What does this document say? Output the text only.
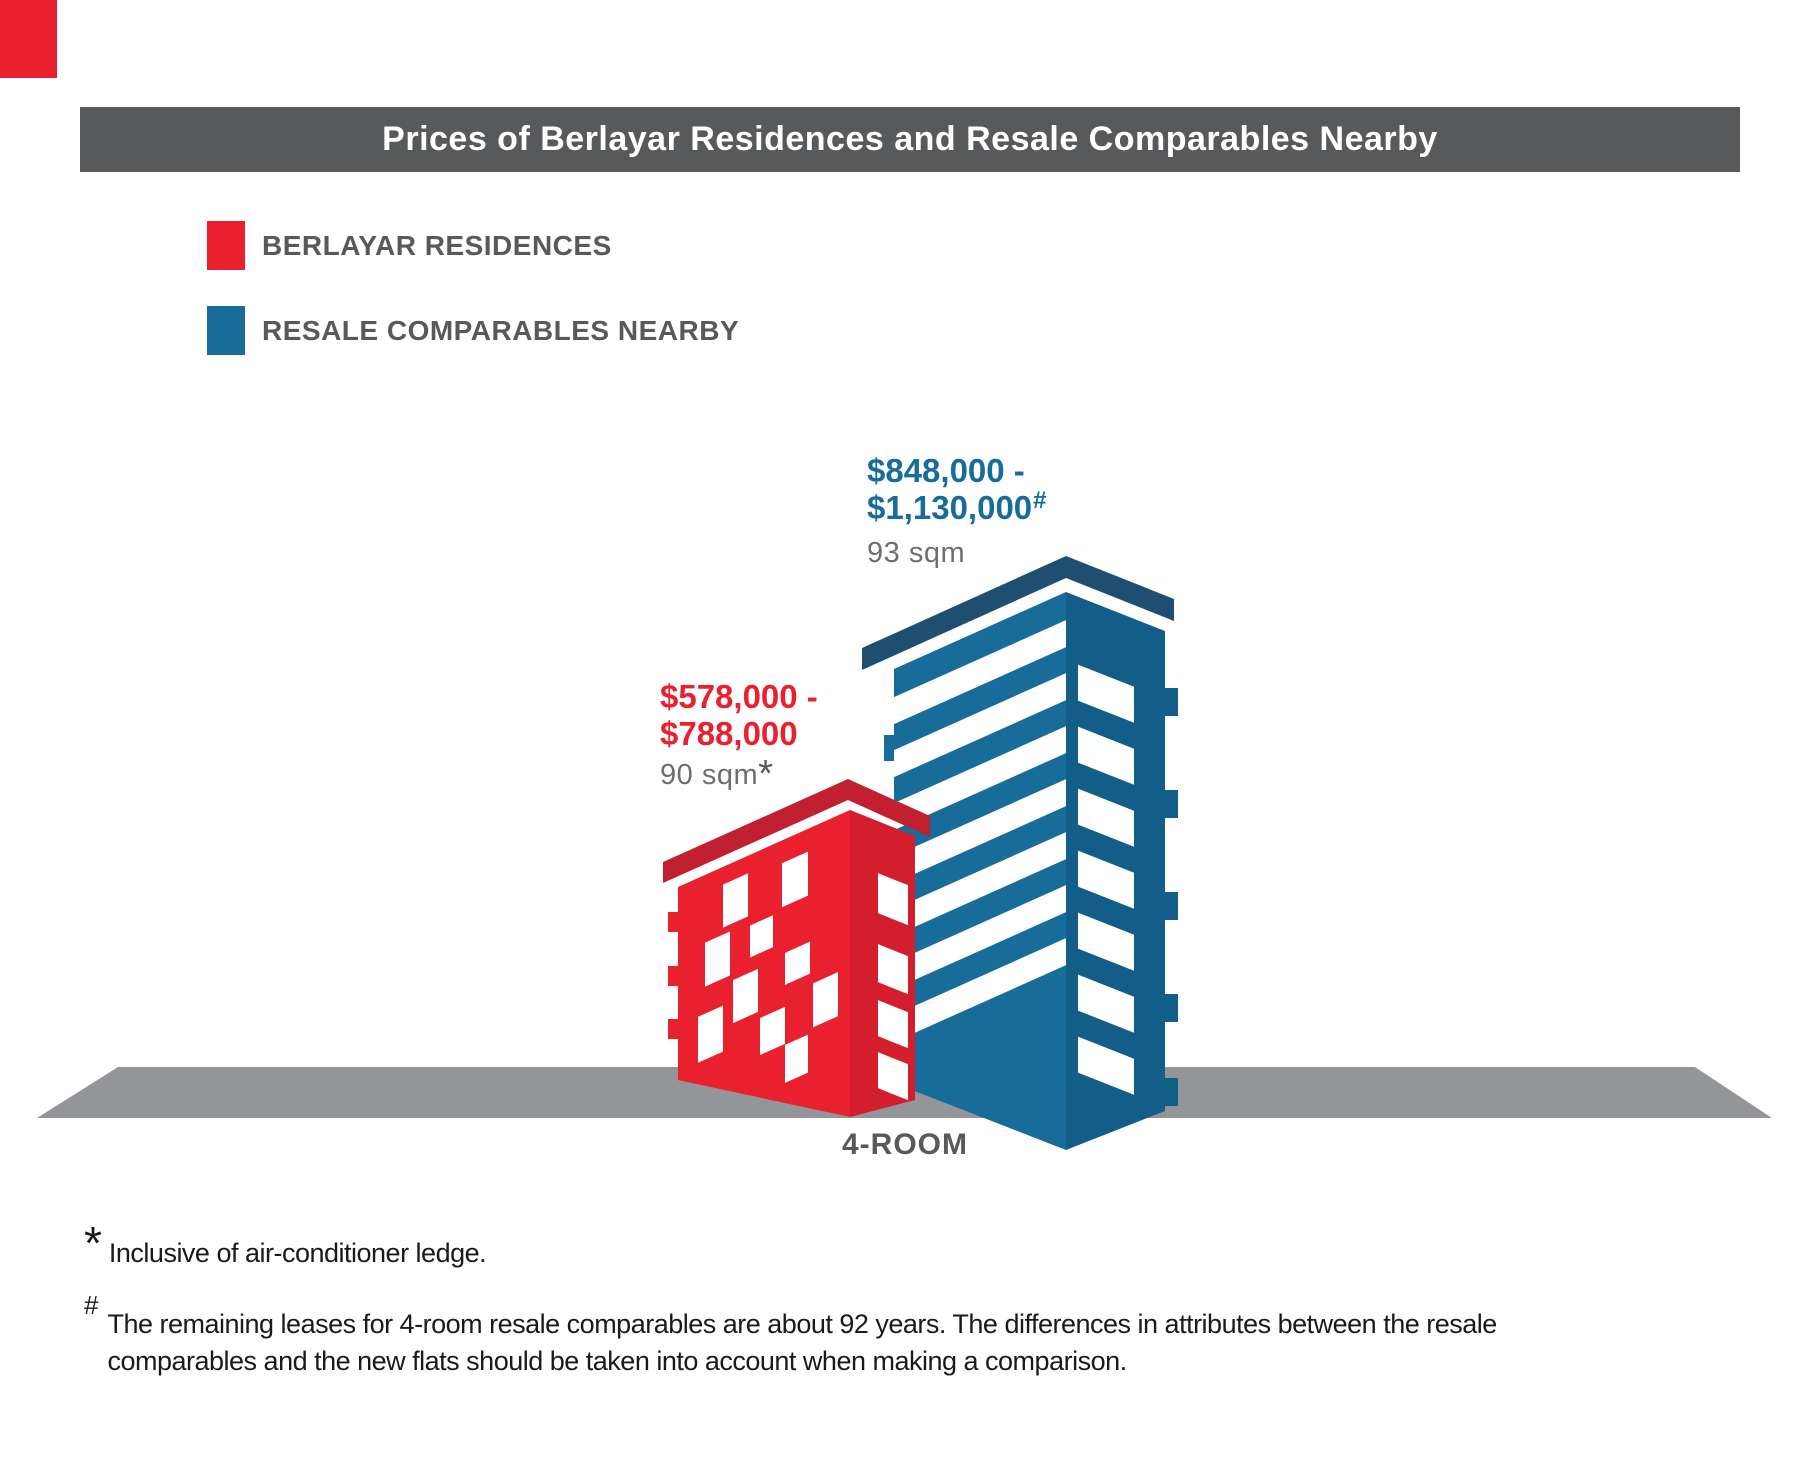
Prices of Berlayar Residences and Resale Comparables Nearby
BERLAYAR RESIDENCES
RESALE COMPARABLES NEARBY
$848,000 -
$1,130,000#
93 sqm
$578,000 -
$788,000
90 sqm*
4-ROOM
* Inclusive of air-conditioner ledge.
#
The remaining leases for 4-room resale comparables are about 92 years. The differences in attributes between the resale comparables and the new flats should be taken into account when making a comparison.
